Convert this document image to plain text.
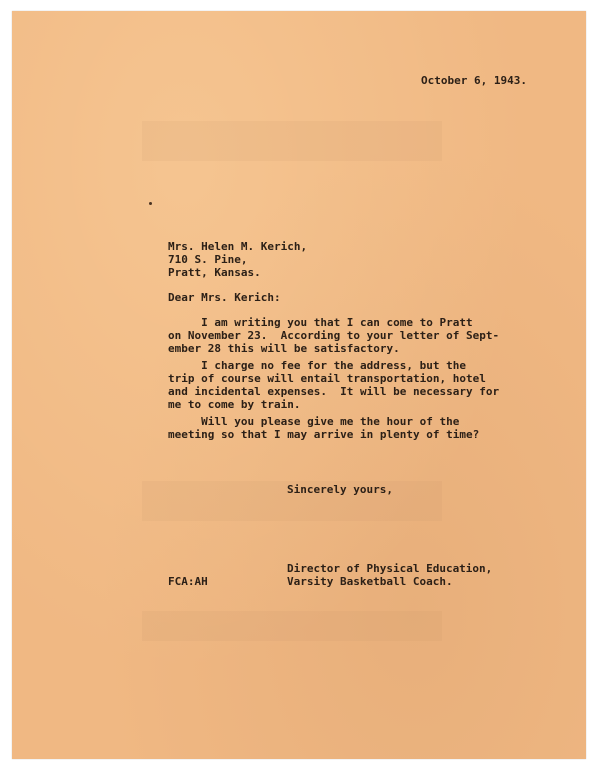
October 6, 1943.
Mrs. Helen M. Kerich,
710 S. Pine,
Pratt, Kansas.
Dear Mrs. Kerich:
I am writing you that I can come to Pratt
on November 23.  According to your letter of Sept-
ember 28 this will be satisfactory.
I charge no fee for the address, but the
trip of course will entail transportation, hotel
and incidental expenses.  It will be necessary for
me to come by train.
Will you please give me the hour of the
meeting so that I may arrive in plenty of time?
Sincerely yours,
Director of Physical Education,
Varsity Basketball Coach.
FCA:AH
